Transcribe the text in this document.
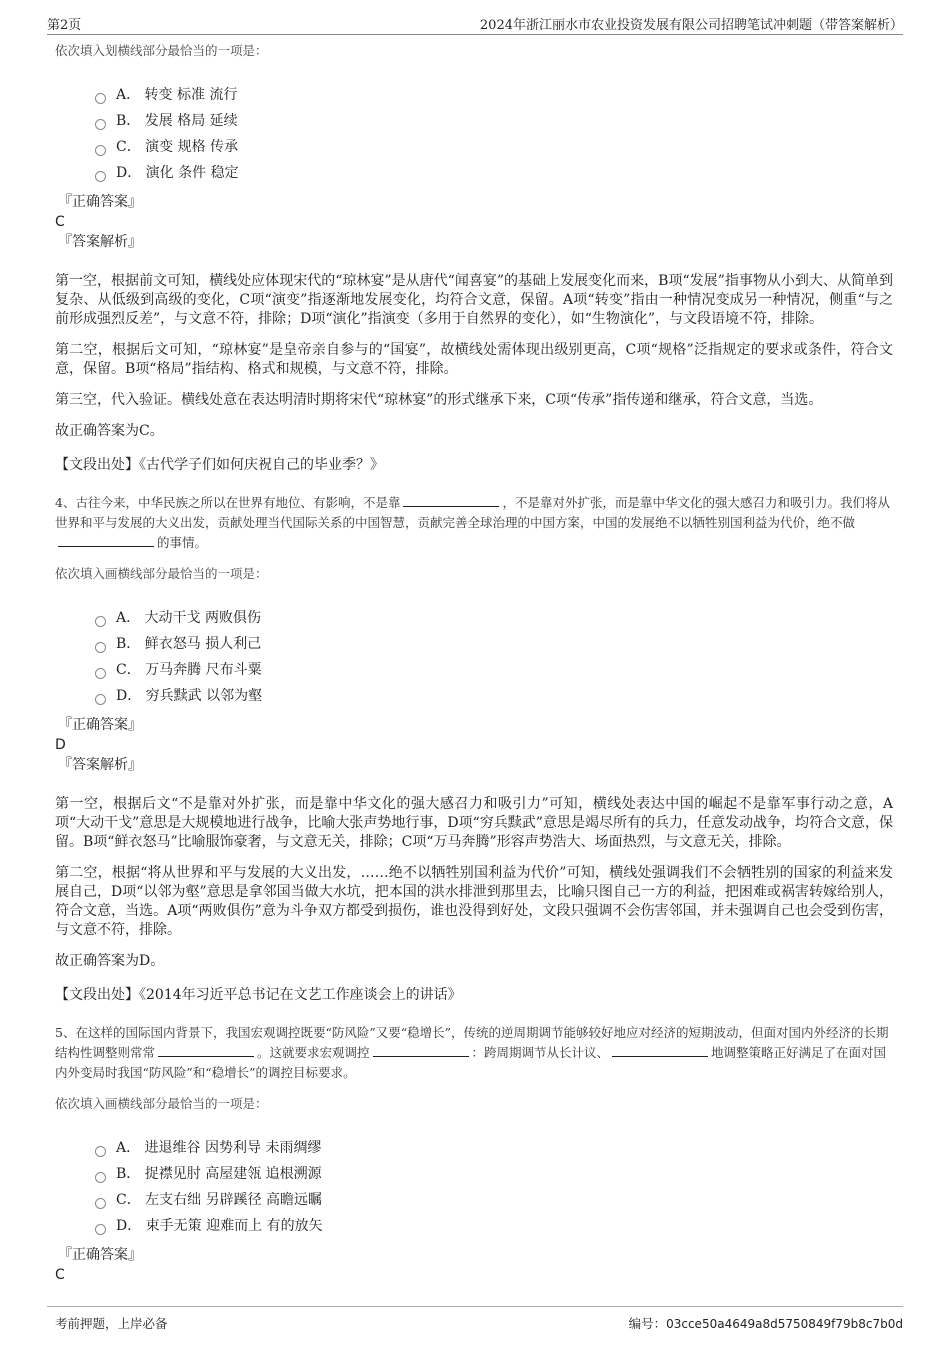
第2页	2024年浙江丽水市农业投资发展有限公司招聘笔试冲刺题（带答案解析）

依次填入划横线部分最恰当的一项是：

A． 转变 标准 流行
B． 发展 格局 延续
C． 演变 规格 传承
D． 演化 条件 稳定

『正确答案』

C

『答案解析』

第一空，根据前文可知，横线处应体现宋代的“琼林宴”是从唐代“闻喜宴”的基础上发展变化而来，B项“发展”指事物从小到大、从简单到复杂、从低级到高级的变化，C项“演变”指逐渐地发展变化，均符合文意，保留。A项“转变”指由一种情况变成另一种情况，侧重“与之前形成强烈反差”，与文意不符，排除；D项“演化”指演变（多用于自然界的变化），如“生物演化”，与文段语境不符，排除。

第二空，根据后文可知，“琼林宴”是皇帝亲自参与的“国宴”，故横线处需体现出级别更高，C项“规格”泛指规定的要求或条件，符合文意，保留。B项“格局”指结构、格式和规模，与文意不符，排除。

第三空，代入验证。横线处意在表达明清时期将宋代“琼林宴”的形式继承下来，C项“传承”指传递和继承，符合文意，当选。

故正确答案为C。

【文段出处】《古代学子们如何庆祝自己的毕业季？》

4、古往今来，中华民族之所以在世界有地位、有影响，不是靠	，不是靠对外扩张，而是靠中华文化的强大感召力和吸引力。我们将从世界和平与发展的大义出发，贡献处理当代国际关系的中国智慧，贡献完善全球治理的中国方案，中国的发展绝不以牺牲别国利益为代价，绝不做的事情。

依次填入画横线部分最恰当的一项是：

A． 大动干戈 两败俱伤
B． 鲜衣怒马 损人利己
C． 万马奔腾 尺布斗粟
D． 穷兵黩武 以邻为壑

『正确答案』

D

『答案解析』

第一空，根据后文“不是靠对外扩张，而是靠中华文化的强大感召力和吸引力”可知，横线处表达中国的崛起不是靠军事行动之意，A项“大动干戈”意思是大规模地进行战争，比喻大张声势地行事，D项“穷兵黩武”意思是竭尽所有的兵力，任意发动战争，均符合文意，保留。B项“鲜衣怒马”比喻服饰豪奢，与文意无关，排除；C项“万马奔腾”形容声势浩大、场面热烈，与文意无关，排除。

第二空，根据“将从世界和平与发展的大义出发，……绝不以牺牲别国利益为代价”可知，横线处强调我们不会牺牲别的国家的利益来发展自己，D项“以邻为壑”意思是拿邻国当做大水坑，把本国的洪水排泄到那里去，比喻只图自己一方的利益，把困难或祸害转嫁给别人，符合文意，当选。A项“两败俱伤”意为斗争双方都受到损伤，谁也没得到好处，文段只强调不会伤害邻国，并未强调自己也会受到伤害，与文意不符，排除。

故正确答案为D。

【文段出处】《2014年习近平总书记在文艺工作座谈会上的讲话》

5、在这样的国际国内背景下，我国宏观调控既要“防风险”又要“稳增长”，传统的逆周期调节能够较好地应对经济的短期波动，但面对国内外经济的长期结构性调整则常常	。这就要求宏观调控	：跨周期调节从长计议、	地调整策略正好满足了在面对国内外变局时我国“防风险”和“稳增长”的调控目标要求。

依次填入画横线部分最恰当的一项是：

A． 进退维谷 因势利导 未雨绸缪
B． 捉襟见肘 高屋建瓴 追根溯源
C． 左支右绌 另辟蹊径 高瞻远瞩
D． 束手无策 迎难而上 有的放矢

『正确答案』

C

考前押题，上岸必备	编号：03cce50a4649a8d5750849f79b8c7b0d
